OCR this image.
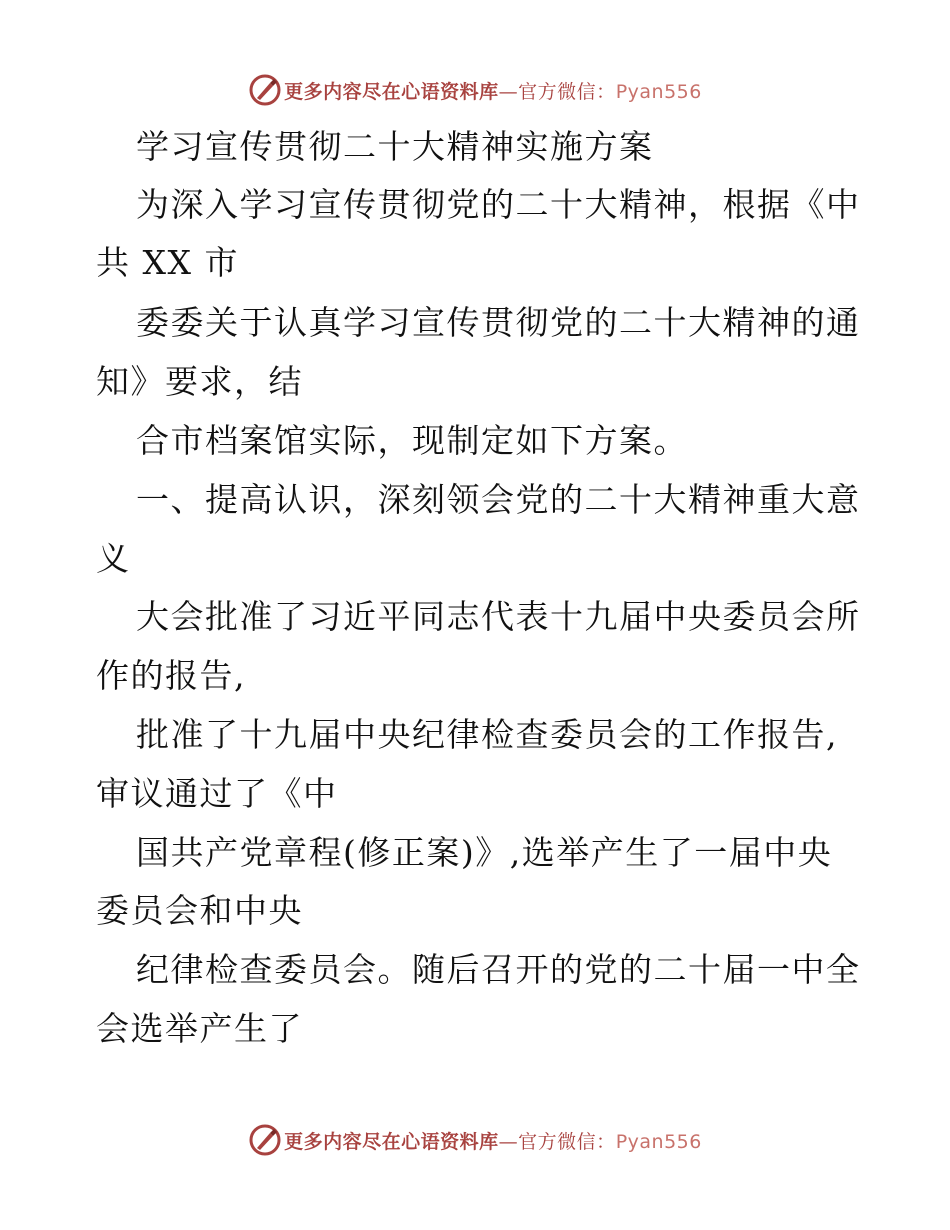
更多内容尽在心语资料库—官方微信：Pyan556
学习宣传贯彻二十大精神实施方案
为深入学习宣传贯彻党的二十大精神，根据《中
共 XX 市
委委关于认真学习宣传贯彻党的二十大精神的通
知》要求，结
合市档案馆实际，现制定如下方案。
一、提高认识，深刻领会党的二十大精神重大意
义
大会批准了习近平同志代表十九届中央委员会所
作的报告,
批准了十九届中央纪律检查委员会的工作报告,
审议通过了《中
国共产党章程(修正案)》,选举产生了一届中央
委员会和中央
纪律检查委员会。随后召开的党的二十届一中全
会选举产生了
更多内容尽在心语资料库—官方微信：Pyan556
